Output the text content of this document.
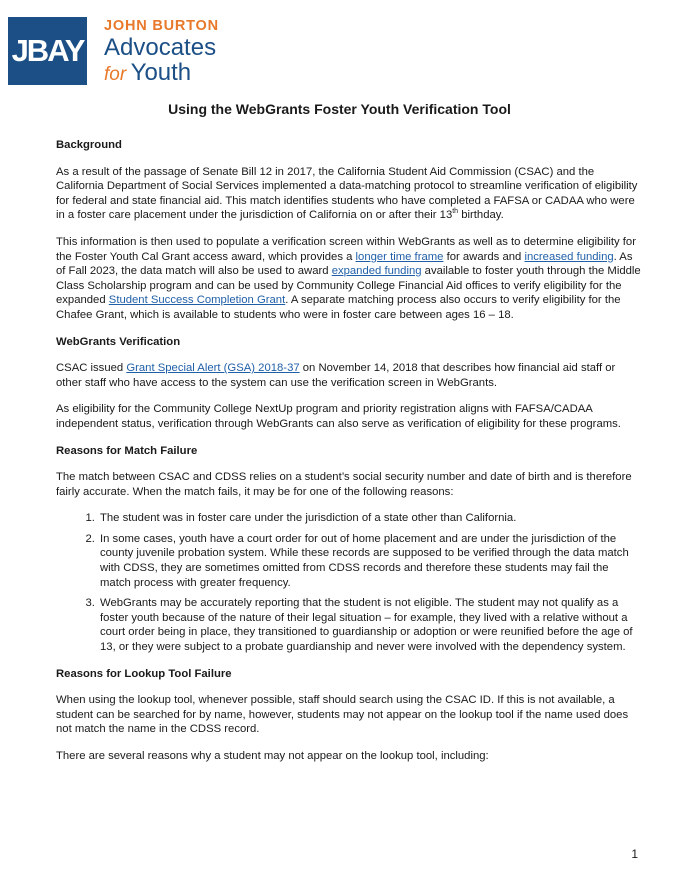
JBAY
JOHN BURTON
Advocates
for Youth
Using the WebGrants Foster Youth Verification Tool
Background

As a result of the passage of Senate Bill 12 in 2017, the California Student Aid Commission (CSAC) and the California Department of Social Services implemented a data-matching protocol to streamline verification of eligibility for federal and state financial aid. This match identifies students who have completed a FAFSA or CADAA who were in a foster care placement under the jurisdiction of California on or after their 13th birthday.

This information is then used to populate a verification screen within WebGrants as well as to determine eligibility for the Foster Youth Cal Grant access award, which provides a longer time frame for awards and increased funding. As of Fall 2023, the data match will also be used to award expanded funding available to foster youth through the Middle Class Scholarship program and can be used by Community College Financial Aid offices to verify eligibility for the expanded Student Success Completion Grant. A separate matching process also occurs to verify eligibility for the Chafee Grant, which is available to students who were in foster care between ages 16 – 18.

WebGrants Verification

CSAC issued Grant Special Alert (GSA) 2018-37 on November 14, 2018 that describes how financial aid staff or other staff who have access to the system can use the verification screen in WebGrants.

As eligibility for the Community College NextUp program and priority registration aligns with FAFSA/CADAA independent status, verification through WebGrants can also serve as verification of eligibility for these programs.

Reasons for Match Failure

The match between CSAC and CDSS relies on a student’s social security number and date of birth and is therefore fairly accurate. When the match fails, it may be for one of the following reasons:

1. The student was in foster care under the jurisdiction of a state other than California.
2. In some cases, youth have a court order for out of home placement and are under the jurisdiction of the county juvenile probation system. While these records are supposed to be verified through the data match with CDSS, they are sometimes omitted from CDSS records and therefore these students may fail the match process with greater frequency.
3. WebGrants may be accurately reporting that the student is not eligible. The student may not qualify as a foster youth because of the nature of their legal situation – for example, they lived with a relative without a court order being in place, they transitioned to guardianship or adoption or were reunified before the age of 13, or they were subject to a probate guardianship and never were involved with the dependency system.
Reasons for Lookup Tool Failure

When using the lookup tool, whenever possible, staff should search using the CSAC ID. If this is not available, a student can be searched for by name, however, students may not appear on the lookup tool if the name used does not match the name in the CDSS record.

There are several reasons why a student may not appear on the lookup tool, including:

1
